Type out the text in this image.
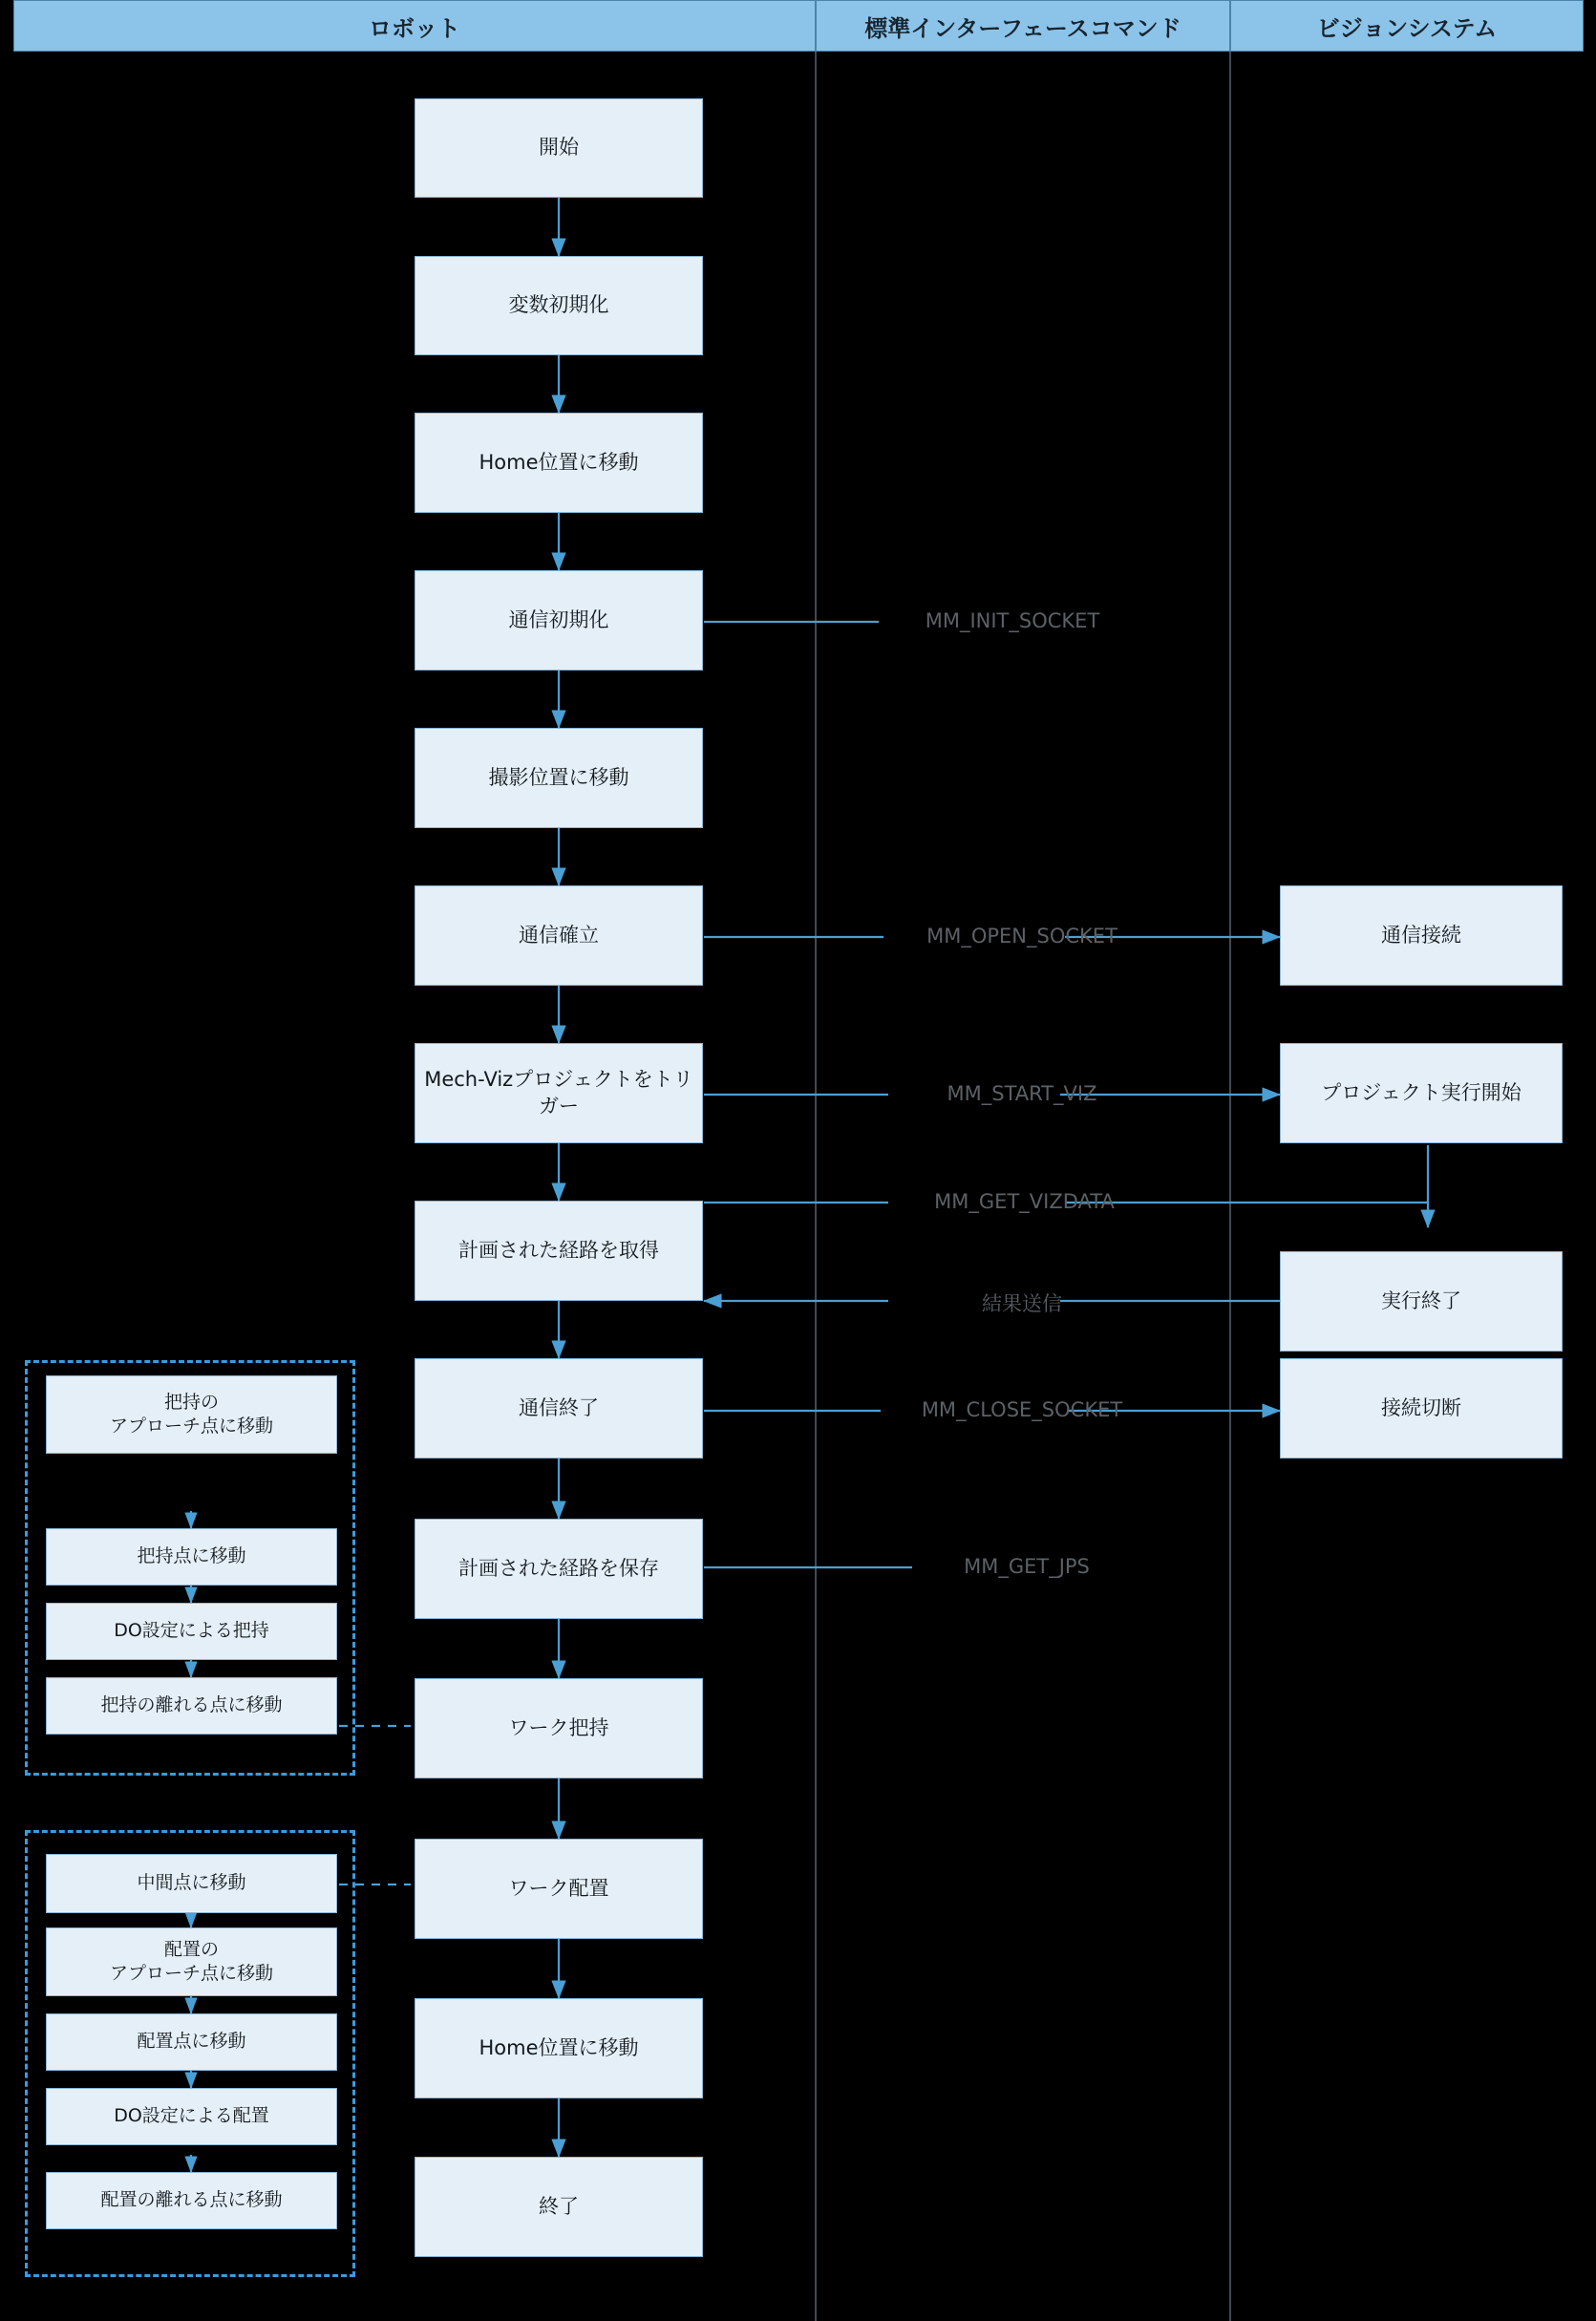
ロボット	標準インターフェースコマンド	ビジョンシステム
開始
変数初期化
Home位置に移動
通信初期化
撮影位置に移動
通信確立
Mech-Vizプロジェクトをトリガー
計画された経路を取得
通信終了
計画された経路を保存
ワーク把持
ワーク配置
Home位置に移動
終了
通信接続
プロジェクト実行開始
実行終了
接続切断
MM_INIT_SOCKET
MM_OPEN_SOCKET
MM_START_VIZ
MM_GET_VIZDATA
結果送信
MM_CLOSE_SOCKET
MM_GET_JPS
把持の
アプローチ点に移動
把持点に移動
DO設定による把持
把持の離れる点に移動
中間点に移動
配置の
アプローチ点に移動
配置点に移動
DO設定による配置
配置の離れる点に移動
